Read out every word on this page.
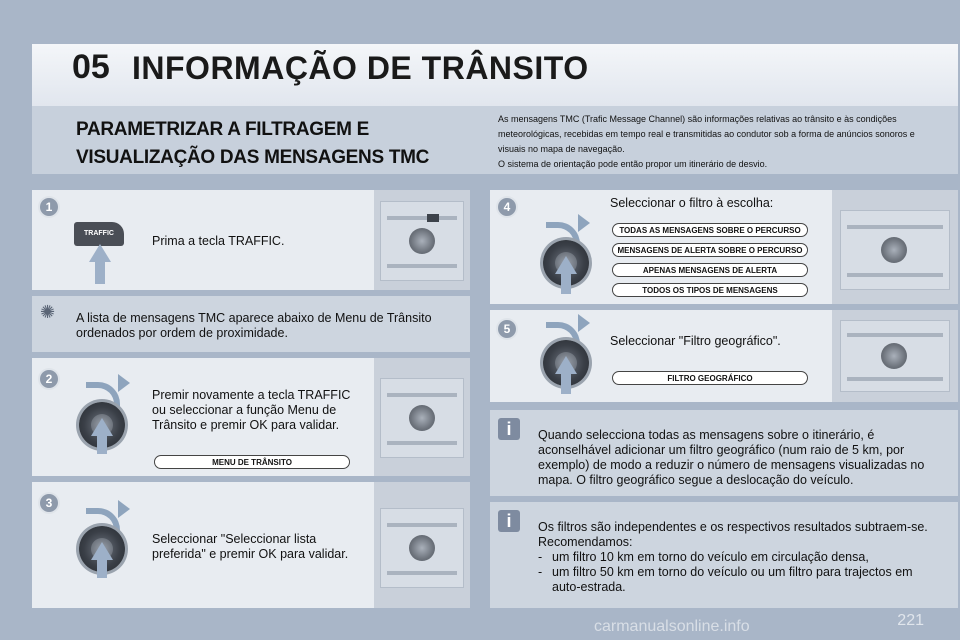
05 INFORMAÇÃO DE TRÂNSITO
PARAMETRIZAR A FILTRAGEM E
VISUALIZAÇÃO DAS MENSAGENS TMC

As mensagens TMC (Trafic Message Channel) são informações relativas ao trânsito e às condições meteorológicas, recebidas em tempo real e transmitidas ao condutor sob a forma de anúncios sonoros e visuais no mapa de navegação.

O sistema de orientação pode então propor um itinerário de desvio.

1
TRAFFIC
Prima a tecla TRAFFIC.
✺ A lista de mensagens TMC aparece abaixo de Menu de Trânsito ordenados por ordem de proximidade.
2
Premir novamente a tecla TRAFFIC ou seleccionar a função Menu de Trânsito e premir OK para validar.
MENU DE TRÂNSITO
3
Seleccionar "Seleccionar lista preferida" e premir OK para validar.
4	Seleccionar o filtro à escolha:
TODAS AS MENSAGENS SOBRE O PERCURSO
MENSAGENS DE ALERTA SOBRE O PERCURSO
APENAS MENSAGENS DE ALERTA
TODOS OS TIPOS DE MENSAGENS
5
Seleccionar "Filtro geográfico".
FILTRO GEOGRÁFICO
i	Quando selecciona todas as mensagens sobre o itinerário, é aconselhável adicionar um filtro geográfico (num raio de 5 km, por exemplo) de modo a reduzir o número de mensagens visualizadas no mapa. O filtro geográfico segue a deslocação do veículo.
i	Os filtros são independentes e os respectivos resultados subtraem-se.
Recomendamos:
- um filtro 10 km em torno do veículo em circulação densa,
- um filtro 50 km em torno do veículo ou um filtro para trajectos em auto-estrada.
221
carmanualsonline.info
